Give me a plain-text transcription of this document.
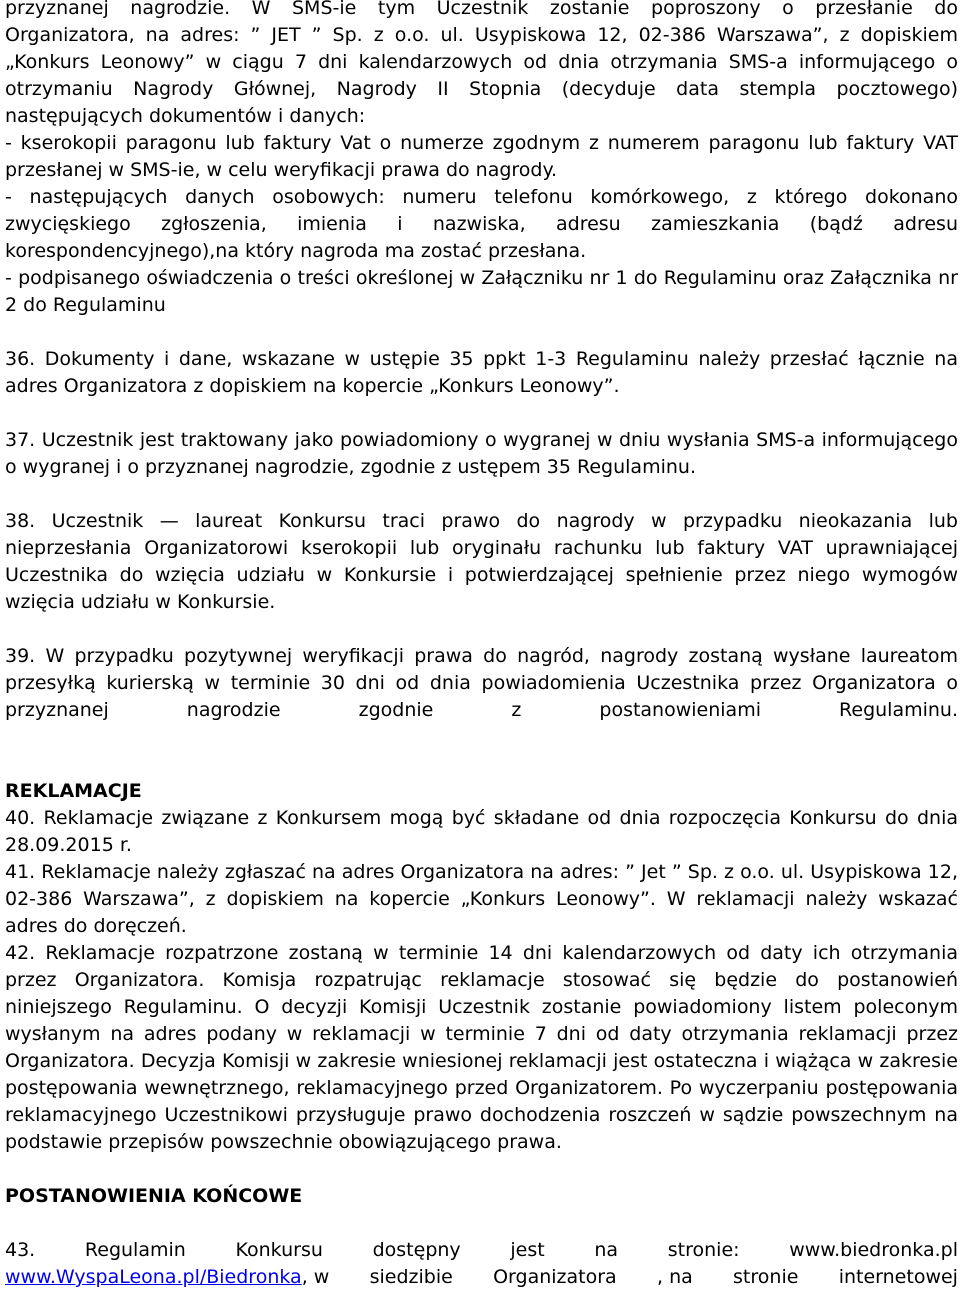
przyznanej nagrodzie. W SMS-ie tym Uczestnik zostanie poproszony o przesłanie do

Organizatora, na adres: ” JET ” Sp. z o.o. ul. Usypiskowa 12, 02-386 Warszawa”, z dopiskiem „Konkurs Leonowy” w ciągu 7 dni kalendarzowych od dnia otrzymania SMS-a informującego o otrzymaniu Nagrody Głównej, Nagrody II Stopnia (decyduje data stempla pocztowego) następujących dokumentów i danych:

- kserokopii paragonu lub faktury Vat o numerze zgodnym z numerem paragonu lub faktury VAT przesłanej w SMS-ie, w celu weryfikacji prawa do nagrody.

- następujących danych osobowych: numeru telefonu komórkowego, z którego dokonano zwycięskiego zgłoszenia, imienia i nazwiska, adresu zamieszkania (bądź adresu korespondencyjnego),na który nagroda ma zostać przesłana.

- podpisanego oświadczenia o treści określonej w Załączniku nr 1 do Regulaminu oraz Załącznika nr 2 do Regulaminu

36. Dokumenty i dane, wskazane w ustępie 35 ppkt 1-3 Regulaminu należy przesłać łącznie na adres Organizatora z dopiskiem na kopercie „Konkurs Leonowy”.

37. Uczestnik jest traktowany jako powiadomiony o wygranej w dniu wysłania SMS-a informującego o wygranej i o przyznanej nagrodzie, zgodnie z ustępem 35 Regulaminu.

38. Uczestnik — laureat Konkursu traci prawo do nagrody w przypadku nieokazania lub nieprzesłania Organizatorowi kserokopii lub oryginału rachunku lub faktury VAT uprawniającej Uczestnika do wzięcia udziału w Konkursie i potwierdzającej spełnienie przez niego wymogów wzięcia udziału w Konkursie.

39. W przypadku pozytywnej weryfikacji prawa do nagród, nagrody zostaną wysłane laureatom przesyłką kurierską w terminie 30 dni od dnia powiadomienia Uczestnika przez Organizatora o przyznanej nagrodzie zgodnie z postanowieniami Regulaminu.

REKLAMACJE

40. Reklamacje związane z Konkursem mogą być składane od dnia rozpoczęcia Konkursu do dnia 28.09.2015 r.

41. Reklamacje należy zgłaszać na adres Organizatora na adres: ” Jet ” Sp. z o.o. ul. Usypiskowa 12, 02-386 Warszawa”, z dopiskiem na kopercie „Konkurs Leonowy”. W reklamacji należy wskazać adres do doręczeń.

42. Reklamacje rozpatrzone zostaną w terminie 14 dni kalendarzowych od daty ich otrzymania przez Organizatora. Komisja rozpatrując reklamacje stosować się będzie do postanowień niniejszego Regulaminu. O decyzji Komisji Uczestnik zostanie powiadomiony listem poleconym wysłanym na adres podany w reklamacji w terminie 7 dni od daty otrzymania reklamacji przez Organizatora. Decyzja Komisji w zakresie wniesionej reklamacji jest ostateczna i wiążąca w zakresie postępowania wewnętrznego, reklamacyjnego przed Organizatorem. Po wyczerpaniu postępowania reklamacyjnego Uczestnikowi przysługuje prawo dochodzenia roszczeń w sądzie powszechnym na podstawie przepisów powszechnie obowiązującego prawa.

POSTANOWIENIA KOŃCOWE

43.	Regulamin	Konkursu	dostępny	jest	na	stronie:	www.biedronka.pl
www.WyspaLeona.pl/Biedronka, w siedzibie Organizatora , na stronie internetowej
